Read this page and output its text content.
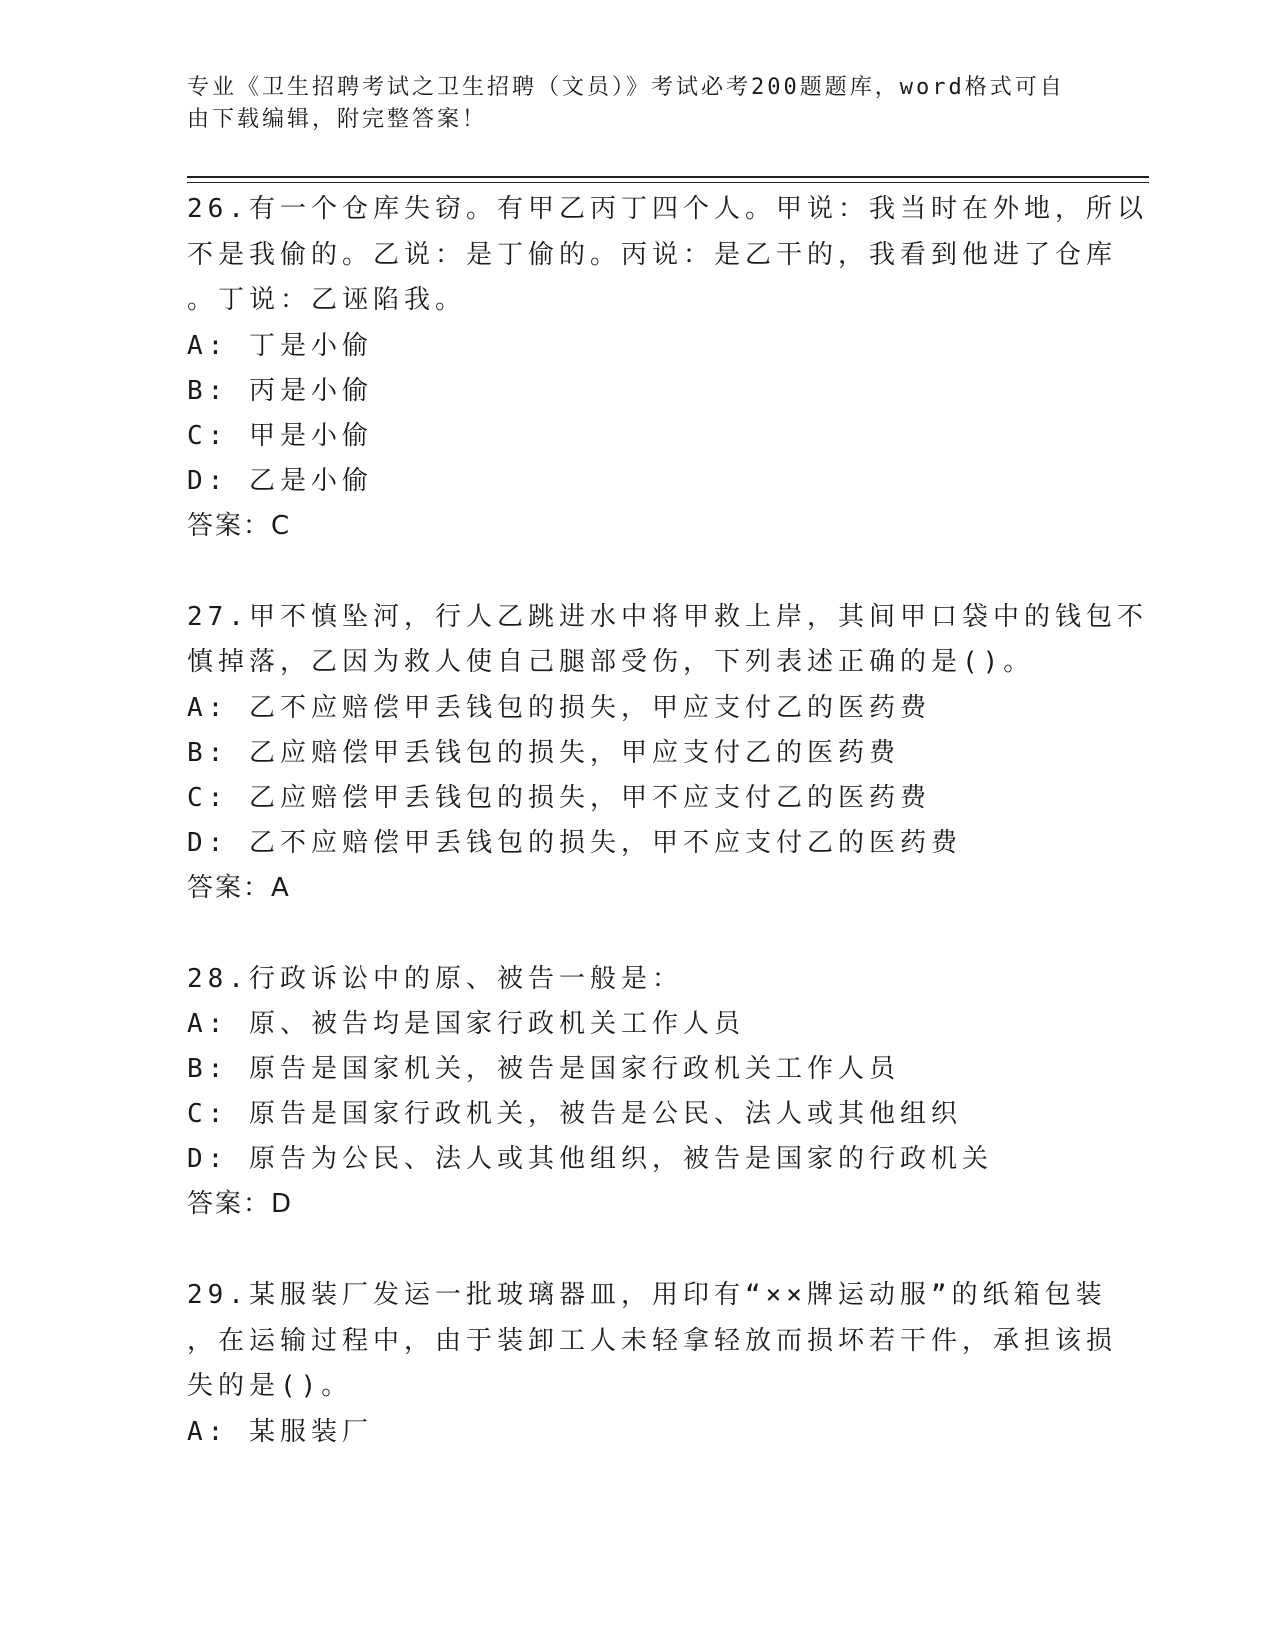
专业《卫生招聘考试之卫生招聘（文员）》考试必考200题题库，word格式可自
由下载编辑，附完整答案！
26.有一个仓库失窃。有甲乙丙丁四个人。甲说：我当时在外地，所以
不是我偷的。乙说：是丁偷的。丙说：是乙干的，我看到他进了仓库
。丁说：乙诬陷我。
A: 丁是小偷
B: 丙是小偷
C: 甲是小偷
D: 乙是小偷
答案：C
27.甲不慎坠河，行人乙跳进水中将甲救上岸，其间甲口袋中的钱包不
慎掉落，乙因为救人使自己腿部受伤，下列表述正确的是()。
A: 乙不应赔偿甲丢钱包的损失，甲应支付乙的医药费
B: 乙应赔偿甲丢钱包的损失，甲应支付乙的医药费
C: 乙应赔偿甲丢钱包的损失，甲不应支付乙的医药费
D: 乙不应赔偿甲丢钱包的损失，甲不应支付乙的医药费
答案：A
28.行政诉讼中的原、被告一般是：
A: 原、被告均是国家行政机关工作人员
B: 原告是国家机关，被告是国家行政机关工作人员
C: 原告是国家行政机关，被告是公民、法人或其他组织
D: 原告为公民、法人或其他组织，被告是国家的行政机关
答案：D
29.某服装厂发运一批玻璃器皿，用印有“××牌运动服”的纸箱包装
，在运输过程中，由于装卸工人未轻拿轻放而损坏若干件，承担该损
失的是()。
A: 某服装厂
